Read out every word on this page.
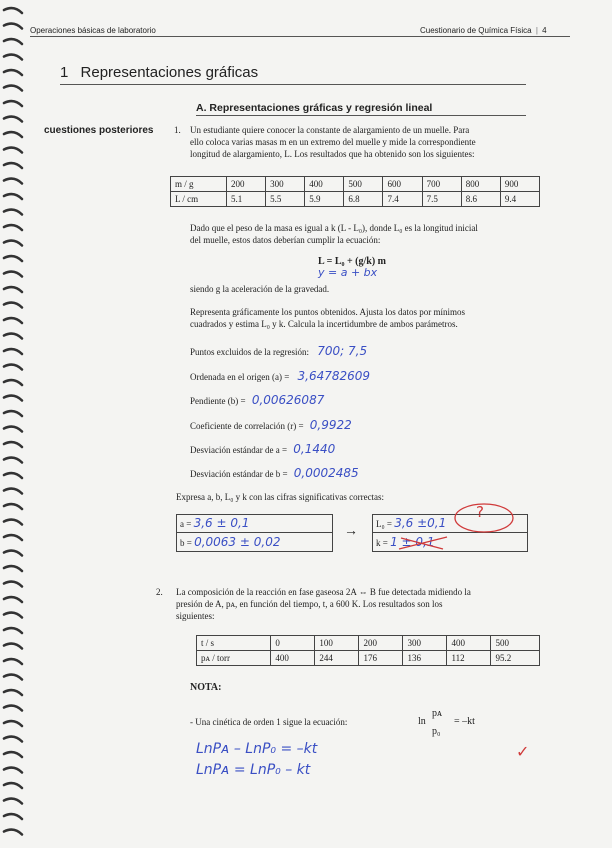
Operaciones básicas de laboratorio	Cuestionario de Química Física | 4
1 Representaciones gráficas
A. Representaciones gráficas y regresión lineal
cuestiones posteriores 1. Un estudiante quiere conocer la constante de alargamiento de un muelle. Para
ello coloca varias masas m en un extremo del muelle y mide la correspondiente
longitud de alargamiento, L. Los resultados que ha obtenido son los siguientes:
m / g	200	300	400	500	600	700	800	900
L / cm	5.1	5.5	5.9	6.8	7.4	7.5	8.6	9.4
Dado que el peso de la masa es igual a k (L - L₀), donde L₀ es la longitud inicial
del muelle, estos datos deberían cumplir la ecuación:
L = L₀ + (g/k) m
y = a + bx
siendo g la aceleración de la gravedad.
Representa gráficamente los puntos obtenidos. Ajusta los datos por mínimos
cuadrados y estima L₀ y k. Calcula la incertidumbre de ambos parámetros.
Puntos excluidos de la regresión: 700; 7,5
Ordenada en el origen (a) = 3,64782609
Pendiente (b) = 0,00626087
Coeficiente de correlación (r) = 0,9922
Desviación estándar de a = 0,1440
Desviación estándar de b = 0,0002485
Expresa a, b, L₀ y k con las cifras significativas correctas:
a = 3,6 ± 0,1
b = 0,0063 ± 0,02
→	L₀ = 3,6 ±0,1
k = 1 ± 0,1
?
2. La composición de la reacción en fase gaseosa 2A ⇔ B fue detectada midiendo la
presión de A, pᴀ, en función del tiempo, t, a 600 K. Los resultados son los
siguientes:
t / s	0	100	200	300	400	500
pᴀ / torr	400	244	176	136	112	95.2
NOTA:
- Una cinética de orden 1 sigue la ecuación:	ln
pᴀ
p₀
= –kt
LnPᴀ – LnP₀ = –kt
LnPᴀ = LnP₀ – kt
✓
